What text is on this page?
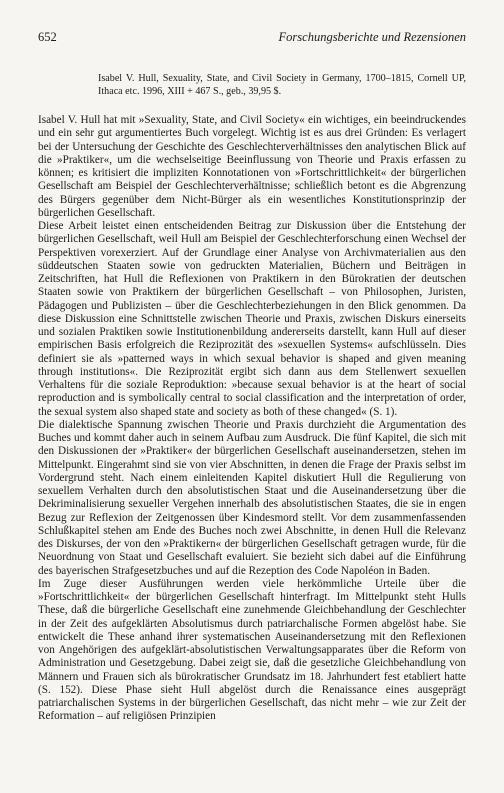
652	Forschungsberichte und Rezensionen
Isabel V. Hull, Sexuality, State, and Civil Society in Germany, 1700–1815, Cornell UP, Ithaca etc. 1996, XIII + 467 S., geb., 39,95 $.

Isabel V. Hull hat mit »Sexuality, State, and Civil Society« ein wichtiges, ein beeindruckendes und ein sehr gut argumentiertes Buch vorgelegt. Wichtig ist es aus drei Gründen: Es verlagert bei der Untersuchung der Geschichte des Geschlechterverhältnisses den analytischen Blick auf die »Praktiker«, um die wechselseitige Beeinflussung von Theorie und Praxis erfassen zu können; es kritisiert die impliziten Konnotationen von »Fortschrittlichkeit« der bürgerlichen Gesellschaft am Beispiel der Geschlechterverhältnisse; schließlich betont es die Abgrenzung des Bürgers gegenüber dem Nicht-Bürger als ein wesentliches Konstitutionsprinzip der bürgerlichen Gesellschaft.

Diese Arbeit leistet einen entscheidenden Beitrag zur Diskussion über die Entstehung der bürgerlichen Gesellschaft, weil Hull am Beispiel der Geschlechterforschung einen Wechsel der Perspektiven vorexerziert. Auf der Grundlage einer Analyse von Archivmaterialien aus den süddeutschen Staaten sowie von gedruckten Materialien, Büchern und Beiträgen in Zeitschriften, hat Hull die Reflexionen von Praktikern in den Bürokratien der deutschen Staaten sowie von Praktikern der bürgerlichen Gesellschaft – von Philosophen, Juristen, Pädagogen und Publizisten – über die Geschlechterbeziehungen in den Blick genommen. Da diese Diskussion eine Schnittstelle zwischen Theorie und Praxis, zwischen Diskurs einerseits und sozialen Praktiken sowie Institutionenbildung andererseits darstellt, kann Hull auf dieser empirischen Basis erfolgreich die Reziprozität des »sexuellen Systems« aufschlüsseln. Dies definiert sie als »patterned ways in which sexual behavior is shaped and given meaning through institutions«. Die Reziprozität ergibt sich dann aus dem Stellenwert sexuellen Verhaltens für die soziale Reproduktion: »because sexual behavior is at the heart of social reproduction and is symbolically central to social classification and the interpretation of order, the sexual system also shaped state and society as both of these changed« (S. 1).

Die dialektische Spannung zwischen Theorie und Praxis durchzieht die Argumentation des Buches und kommt daher auch in seinem Aufbau zum Ausdruck. Die fünf Kapitel, die sich mit den Diskussionen der »Praktiker« der bürgerlichen Gesellschaft auseinandersetzen, stehen im Mittelpunkt. Eingerahmt sind sie von vier Abschnitten, in denen die Frage der Praxis selbst im Vordergrund steht. Nach einem einleitenden Kapitel diskutiert Hull die Regulierung von sexuellem Verhalten durch den absolutistischen Staat und die Auseinandersetzung über die Dekriminalisierung sexueller Vergehen innerhalb des absolutistischen Staates, die sie in engen Bezug zur Reflexion der Zeitgenossen über Kindesmord stellt. Vor dem zusammenfassenden Schlußkapitel stehen am Ende des Buches noch zwei Abschnitte, in denen Hull die Relevanz des Diskurses, der von den »Praktikern« der bürgerlichen Gesellschaft getragen wurde, für die Neuordnung von Staat und Gesellschaft evaluiert. Sie bezieht sich dabei auf die Einführung des bayerischen Strafgesetzbuches und auf die Rezeption des Code Napoléon in Baden.

Im Zuge dieser Ausführungen werden viele herkömmliche Urteile über die »Fortschrittlichkeit« der bürgerlichen Gesellschaft hinterfragt. Im Mittelpunkt steht Hulls These, daß die bürgerliche Gesellschaft eine zunehmende Gleichbehandlung der Geschlechter in der Zeit des aufgeklärten Absolutismus durch patriarchalische Formen abgelöst habe. Sie entwickelt die These anhand ihrer systematischen Auseinandersetzung mit den Reflexionen von Angehörigen des aufgeklärt-absolutistischen Verwaltungsapparates über die Reform von Administration und Gesetzgebung. Dabei zeigt sie, daß die gesetzliche Gleichbehandlung von Männern und Frauen sich als bürokratischer Grundsatz im 18. Jahrhundert fest etabliert hatte (S. 152). Diese Phase sieht Hull abgelöst durch die Renaissance eines ausgeprägt patriarchalischen Systems in der bürgerlichen Gesellschaft, das nicht mehr – wie zur Zeit der Reformation – auf religiösen Prinzipien
